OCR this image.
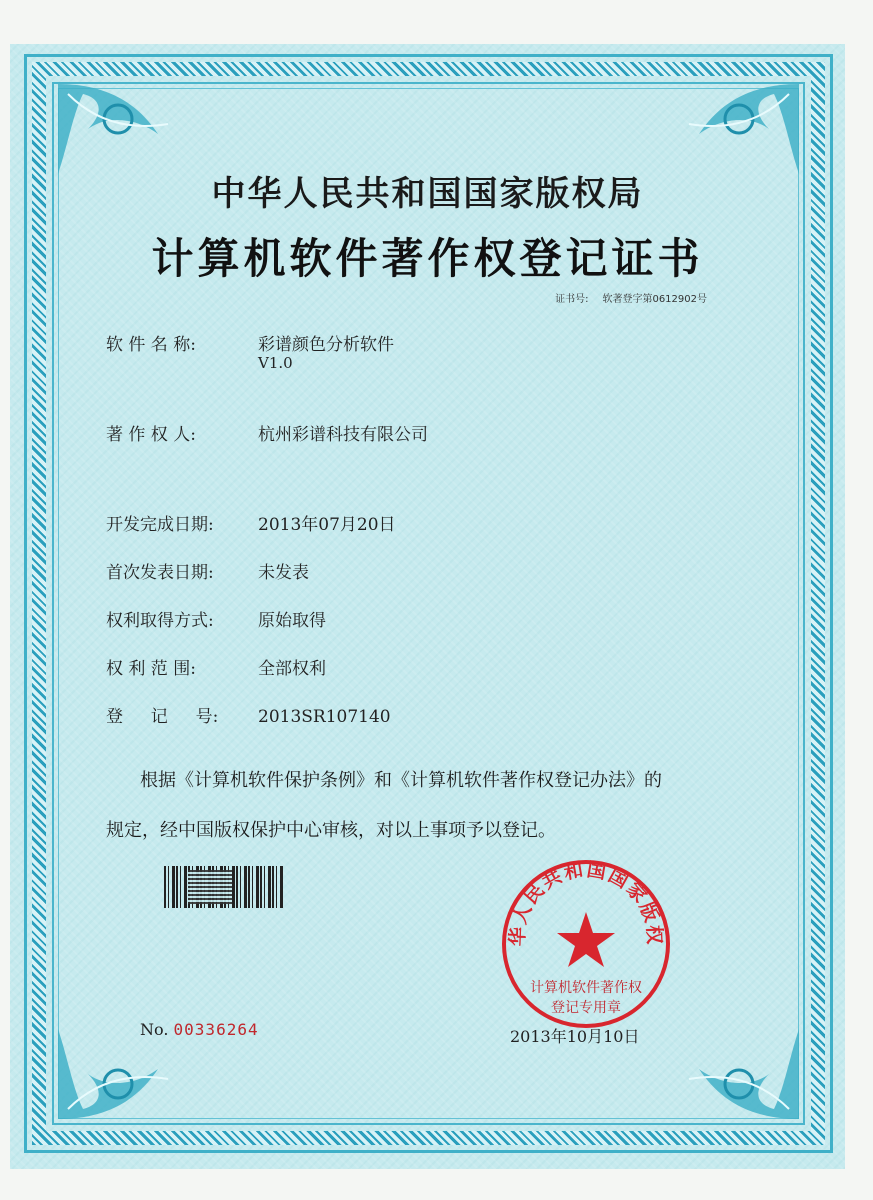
中华人民共和国国家版权局
计算机软件著作权登记证书
证书号: 软著登字第0612902号
软 件 名 称:	彩谱颜色分析软件
V1.0
著 作 权 人:	杭州彩谱科技有限公司
开发完成日期:	2013年07月20日
首次发表日期:	未发表
权利取得方式:	原始取得
权 利 范 围:	全部权利
登 　 记 　 号: 2013SR107140
根据《计算机软件保护条例》和《计算机软件著作权登记办法》的
规定，经中国版权保护中心审核，对以上事项予以登记。
华人民共和国国家版权
计算机软件著作权
登记专用章
No. 00336264	2013年10月10日
